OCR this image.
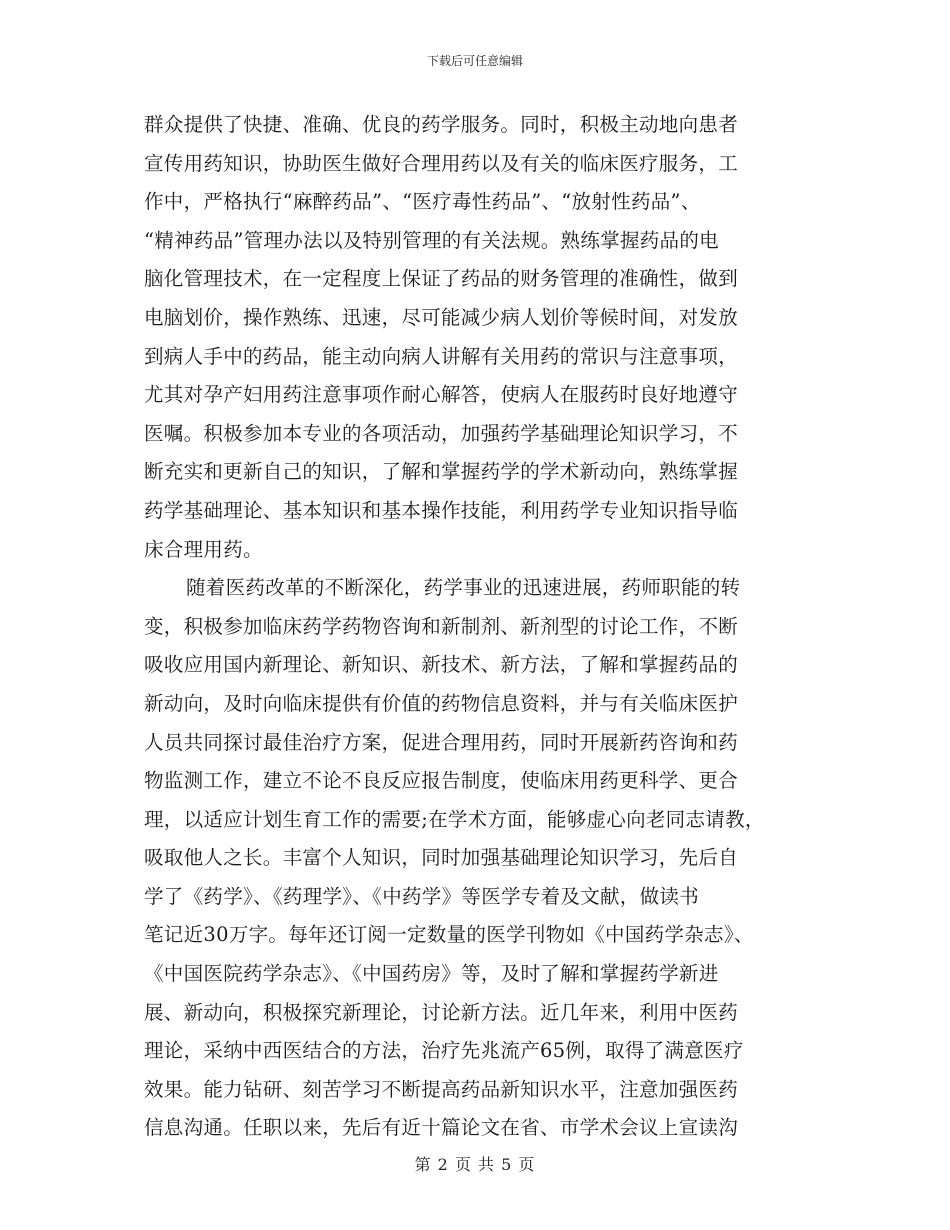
下载后可任意编辑
群众提供了快捷、准确、优良的药学服务。同时，积极主动地向患者
宣传用药知识，协助医生做好合理用药以及有关的临床医疗服务，工
作中，严格执行“麻醉药品”、“医疗毒性药品”、“放射性药品”、
“精神药品”管理办法以及特别管理的有关法规。熟练掌握药品的电
脑化管理技术，在一定程度上保证了药品的财务管理的准确性，做到
电脑划价，操作熟练、迅速，尽可能减少病人划价等候时间，对发放
到病人手中的药品，能主动向病人讲解有关用药的常识与注意事项，
尤其对孕产妇用药注意事项作耐心解答，使病人在服药时良好地遵守
医嘱。积极参加本专业的各项活动，加强药学基础理论知识学习，不
断充实和更新自己的知识，了解和掌握药学的学术新动向，熟练掌握
药学基础理论、基本知识和基本操作技能，利用药学专业知识指导临
床合理用药。
随着医药改革的不断深化，药学事业的迅速进展，药师职能的转
变，积极参加临床药学药物咨询和新制剂、新剂型的讨论工作，不断
吸收应用国内新理论、新知识、新技术、新方法，了解和掌握药品的
新动向，及时向临床提供有价值的药物信息资料，并与有关临床医护
人员共同探讨最佳治疗方案，促进合理用药，同时开展新药咨询和药
物监测工作，建立不论不良反应报告制度，使临床用药更科学、更合
理，以适应计划生育工作的需要;在学术方面，能够虚心向老同志请教，
吸取他人之长。丰富个人知识，同时加强基础理论知识学习，先后自
学了《药学》、《药理学》、《中药学》等医学专着及文献，做读书
笔记近30万字。每年还订阅一定数量的医学刊物如《中国药学杂志》、
《中国医院药学杂志》、《中国药房》等，及时了解和掌握药学新进
展、新动向，积极探究新理论，讨论新方法。近几年来，利用中医药
理论，采纳中西医结合的方法，治疗先兆流产65例，取得了满意医疗
效果。能力钻研、刻苦学习不断提高药品新知识水平，注意加强医药
信息沟通。任职以来，先后有近十篇论文在省、市学术会议上宣读沟
第 2 页 共 5 页
